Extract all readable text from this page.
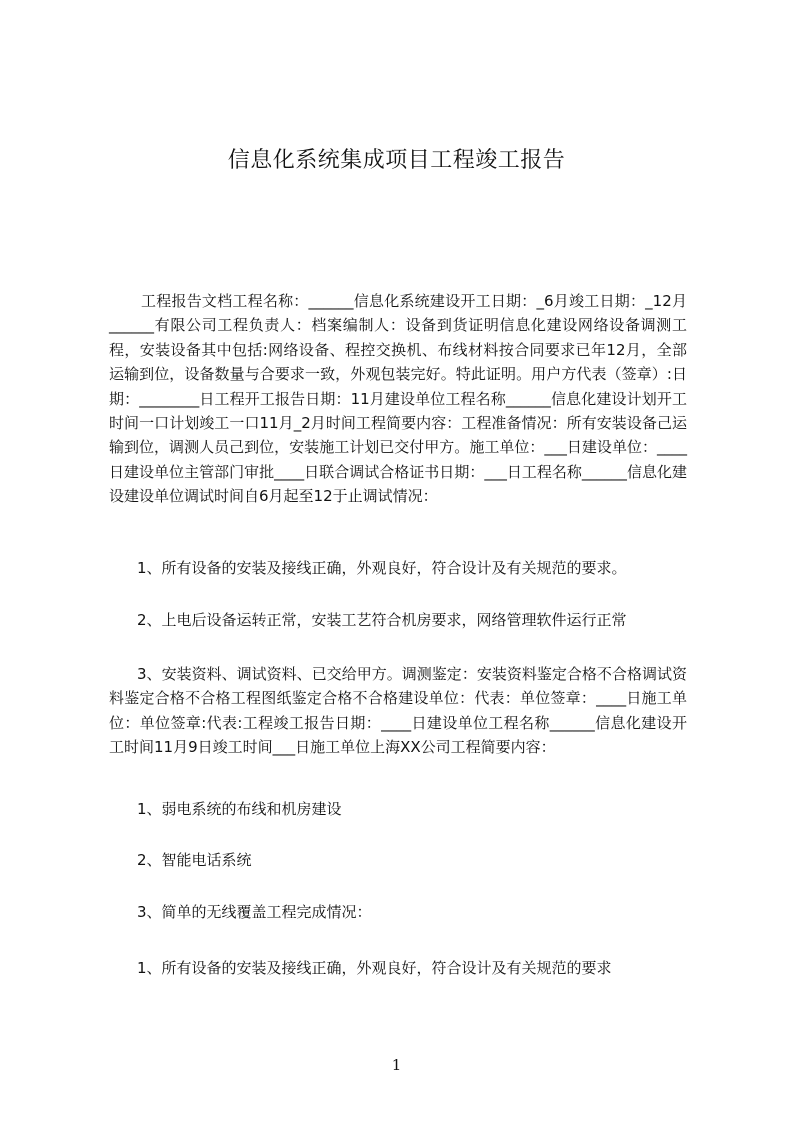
信息化系统集成项目工程竣工报告

工程报告文档工程名称：______信息化系统建设开工日期：_6月竣工日期：_12月______有限公司工程负责人：档案编制人：设备到货证明信息化建设网络设备调测工程，安装设备其中包括:网络设备、程控交换机、布线材料按合同要求已年12月，全部运输到位，设备数量与合要求一致，外观包装完好。特此证明。用户方代表（签章）:日期：________日工程开工报告日期：11月建设单位工程名称______信息化建设计划开工时间一口计划竣工一口11月_2月时间工程简要内容：工程准备情况：所有安装设备己运输到位，调测人员己到位，安装施工计划已交付甲方。施工单位：___日建设单位：____日建设单位主管部门审批____日联合调试合格证书日期：___日工程名称______信息化建设建设单位调试时间自6月起至12于止调试情况：

1、所有设备的安装及接线正确，外观良好，符合设计及有关规范的要求。

2、上电后设备运转正常，安装工艺符合机房要求，网络管理软件运行正常

3、安装资料、调试资料、已交给甲方。调测鉴定：安装资料鉴定合格不合格调试资料鉴定合格不合格工程图纸鉴定合格不合格建设单位：代表：单位签章：____日施工单位：单位签章:代表:工程竣工报告日期：____日建设单位工程名称______信息化建设开工时间11月9日竣工时间___日施工单位上海XX公司工程简要内容：

1、弱电系统的布线和机房建设

2、智能电话系统

3、简单的无线覆盖工程完成情况：

1、所有设备的安装及接线正确，外观良好，符合设计及有关规范的要求

1
